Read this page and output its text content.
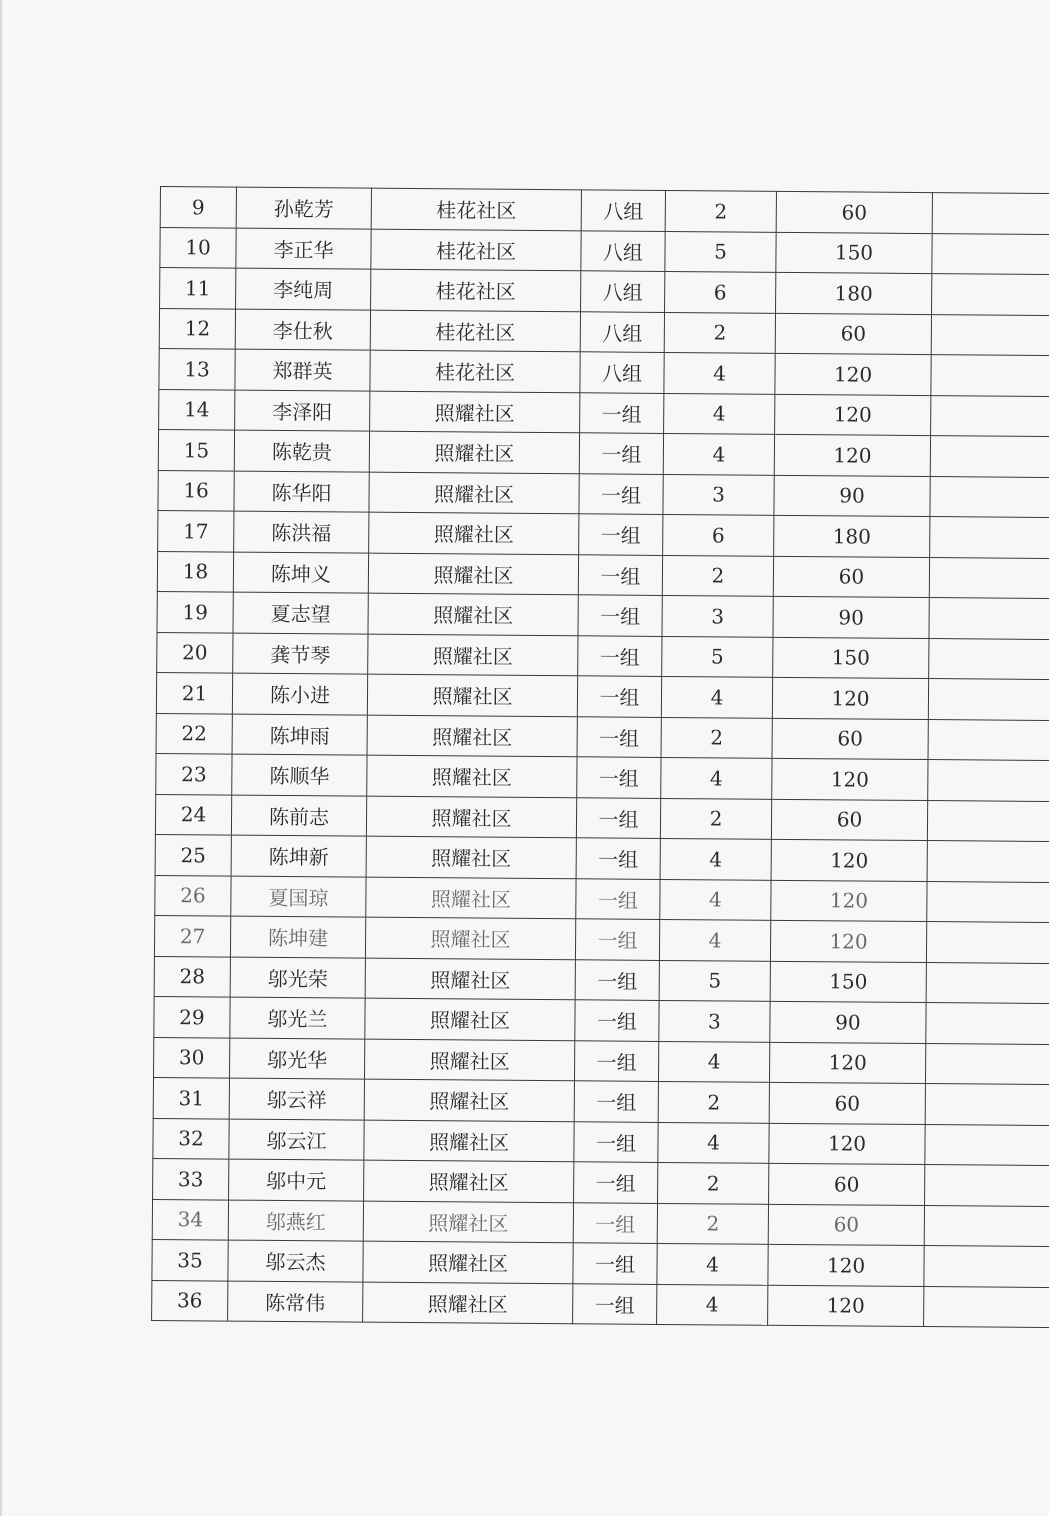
9	孙乾芳	桂花社区	八组	2	60	
10	李正华	桂花社区	八组	5	150	
11	李纯周	桂花社区	八组	6	180	
12	李仕秋	桂花社区	八组	2	60	
13	郑群英	桂花社区	八组	4	120	
14	李泽阳	照耀社区	一组	4	120	
15	陈乾贵	照耀社区	一组	4	120	
16	陈华阳	照耀社区	一组	3	90	
17	陈洪福	照耀社区	一组	6	180	
18	陈坤义	照耀社区	一组	2	60	
19	夏志望	照耀社区	一组	3	90	
20	龚节琴	照耀社区	一组	5	150	
21	陈小进	照耀社区	一组	4	120	
22	陈坤雨	照耀社区	一组	2	60	
23	陈顺华	照耀社区	一组	4	120	
24	陈前志	照耀社区	一组	2	60	
25	陈坤新	照耀社区	一组	4	120	
26	夏国琼	照耀社区	一组	4	120	
27	陈坤建	照耀社区	一组	4	120	
28	邬光荣	照耀社区	一组	5	150	
29	邬光兰	照耀社区	一组	3	90	
30	邬光华	照耀社区	一组	4	120	
31	邬云祥	照耀社区	一组	2	60	
32	邬云江	照耀社区	一组	4	120	
33	邬中元	照耀社区	一组	2	60	
34	邬燕红	照耀社区	一组	2	60	
35	邬云杰	照耀社区	一组	4	120	
36	陈常伟	照耀社区	一组	4	120	
